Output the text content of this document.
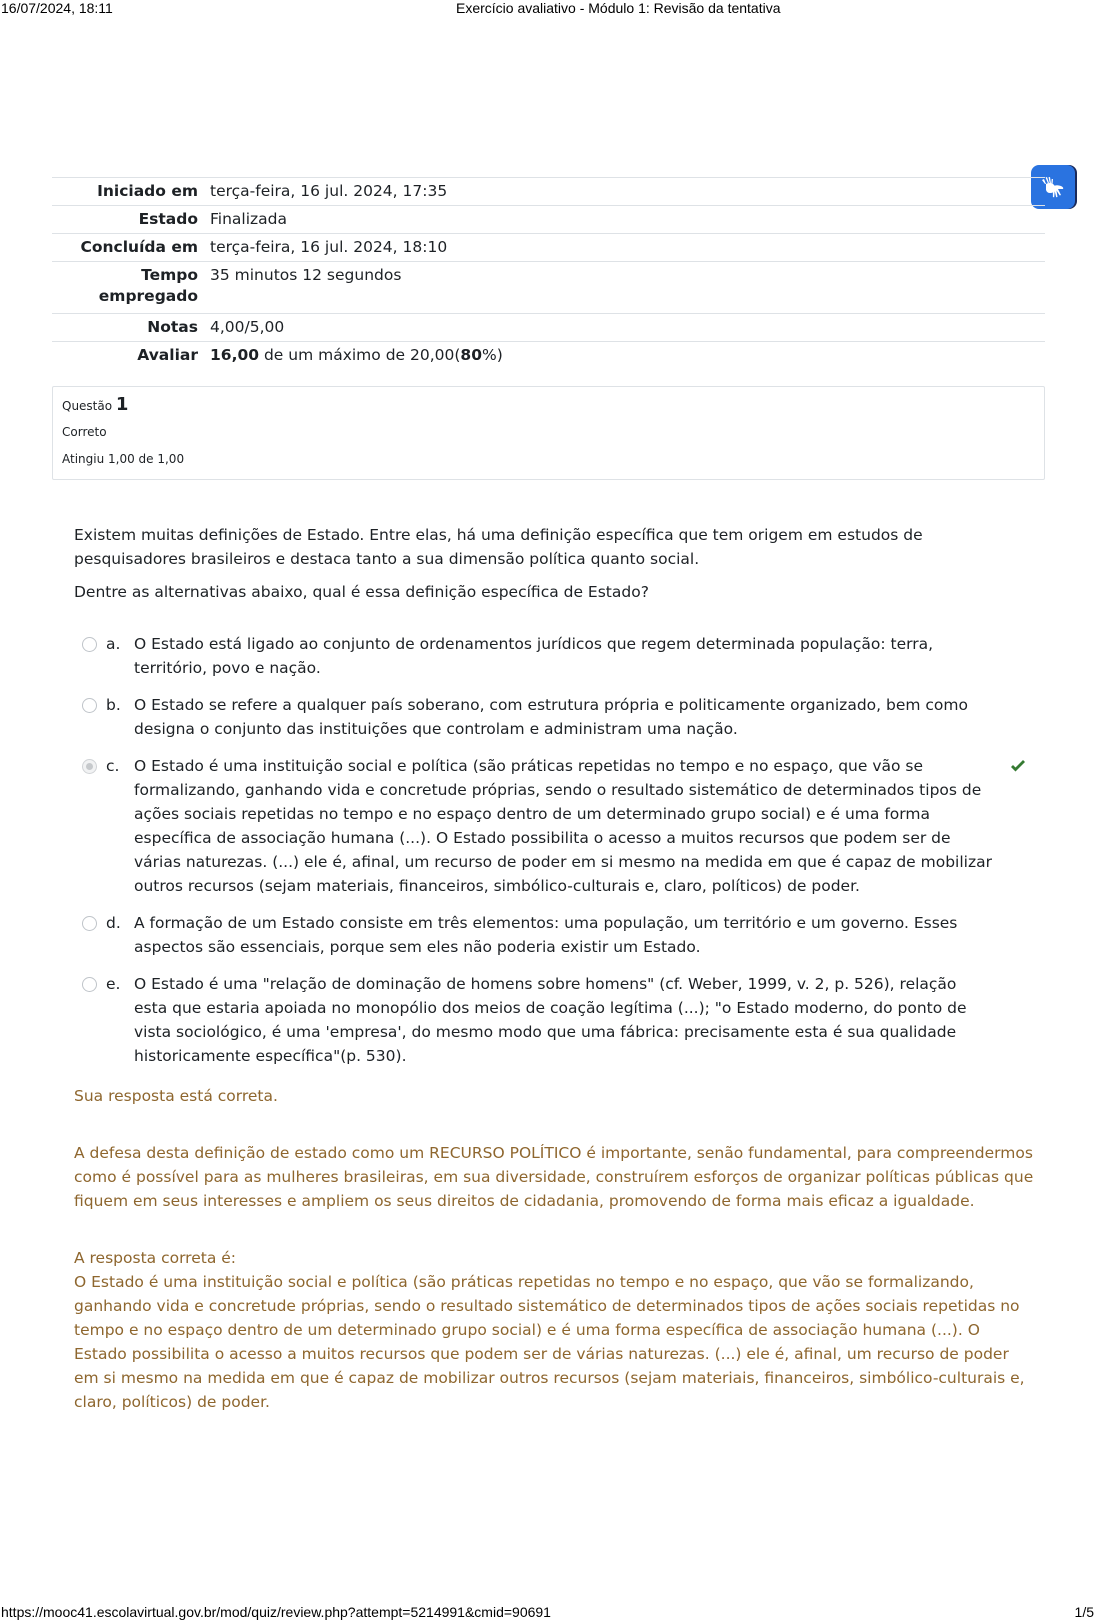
16/07/2024, 18:11	Exercício avaliativo - Módulo 1: Revisão da tentativa
Iniciado em	terça-feira, 16 jul. 2024, 17:35
Estado	Finalizada
Concluída em	terça-feira, 16 jul. 2024, 18:10
Tempo
empregado	35 minutos 12 segundos
Notas	4,00/5,00
Avaliar	16,00 de um máximo de 20,00(80%)
Questão 1
Correto
Atingiu 1,00 de 1,00

Existem muitas definições de Estado. Entre elas, há uma definição específica que tem origem em estudos de pesquisadores brasileiros e destaca tanto a sua dimensão política quanto social.

Dentre as alternativas abaixo, qual é essa definição específica de Estado?

a. O Estado está ligado ao conjunto de ordenamentos jurídicos que regem determinada população: terra, território, povo e nação.
b. O Estado se refere a qualquer país soberano, com estrutura própria e politicamente organizado, bem como designa o conjunto das instituições que controlam e administram uma nação.
c. O Estado é uma instituição social e política (são práticas repetidas no tempo e no espaço, que vão se formalizando, ganhando vida e concretude próprias, sendo o resultado sistemático de determinados tipos de ações sociais repetidas no tempo e no espaço dentro de um determinado grupo social) e é uma forma específica de associação humana (...). O Estado possibilita o acesso a muitos recursos que podem ser de várias naturezas. (...) ele é, afinal, um recurso de poder em si mesmo na medida em que é capaz de mobilizar outros recursos (sejam materiais, financeiros, simbólico-culturais e, claro, políticos) de poder.
d. A formação de um Estado consiste em três elementos: uma população, um território e um governo. Esses aspectos são essenciais, porque sem eles não poderia existir um Estado.
e. O Estado é uma "relação de dominação de homens sobre homens" (cf. Weber, 1999, v. 2, p. 526), relação esta que estaria apoiada no monopólio dos meios de coação legítima (...); "o Estado moderno, do ponto de vista sociológico, é uma 'empresa', do mesmo modo que uma fábrica: precisamente esta é sua qualidade historicamente específica"(p. 530).
Sua resposta está correta.
A defesa desta definição de estado como um RECURSO POLÍTICO é importante, senão fundamental, para compreendermos como é possível para as mulheres brasileiras, em sua diversidade, construírem esforços de organizar políticas públicas que fiquem em seus interesses e ampliem os seus direitos de cidadania, promovendo de forma mais eficaz a igualdade.
A resposta correta é:
O Estado é uma instituição social e política (são práticas repetidas no tempo e no espaço, que vão se formalizando, ganhando vida e concretude próprias, sendo o resultado sistemático de determinados tipos de ações sociais repetidas no tempo e no espaço dentro de um determinado grupo social) e é uma forma específica de associação humana (...). O Estado possibilita o acesso a muitos recursos que podem ser de várias naturezas. (...) ele é, afinal, um recurso de poder em si mesmo na medida em que é capaz de mobilizar outros recursos (sejam materiais, financeiros, simbólico-culturais e, claro, políticos) de poder.
https://mooc41.escolavirtual.gov.br/mod/quiz/review.php?attempt=5214991&cmid=90691	1/5
